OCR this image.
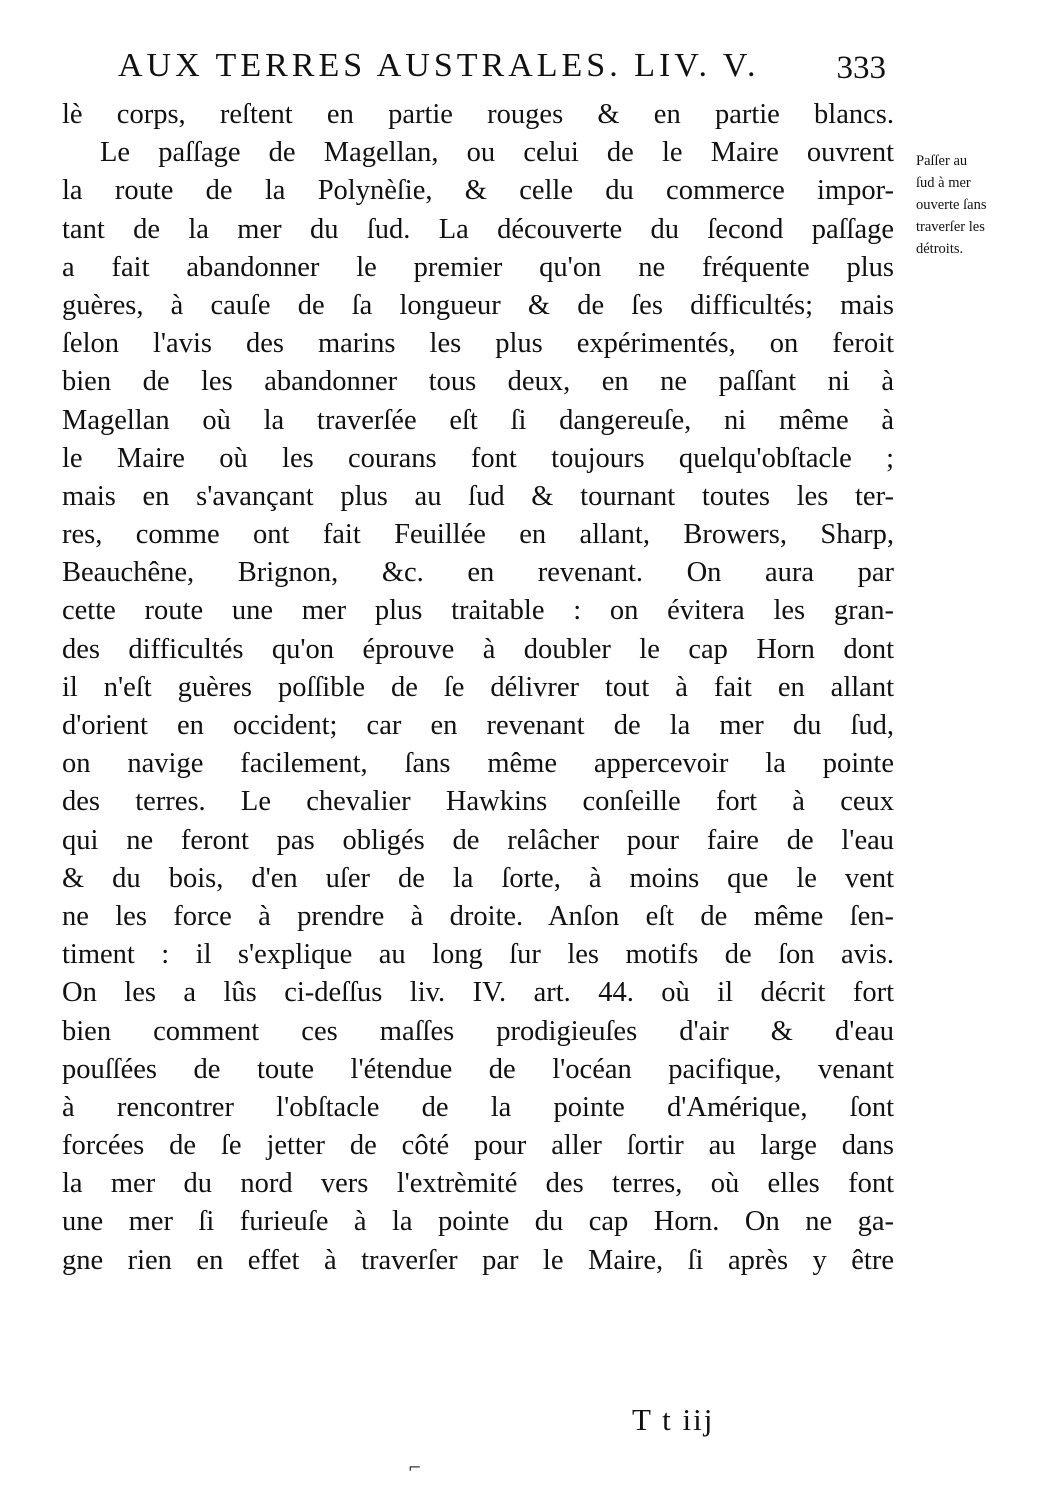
AUX TERRES AUSTRALES. LIV. V. 333
lè corps, reſtent en partie rouges & en partie blancs.
Le paſſage de Magellan, ou celui de le Maire ouvrent
la route de la Polynèſie, & celle du commerce impor-
tant de la mer du ſud. La découverte du ſecond paſſage
a fait abandonner le premier qu'on ne fréquente plus
guères, à cauſe de ſa longueur & de ſes difficultés; mais
ſelon l'avis des marins les plus expérimentés, on feroit
bien de les abandonner tous deux, en ne paſſant ni à
Magellan où la traverſée eſt ſi dangereuſe, ni même à
le Maire où les courans font toujours quelqu'obſtacle ;
mais en s'avançant plus au ſud & tournant toutes les ter-
res, comme ont fait Feuillée en allant, Browers, Sharp,
Beauchêne, Brignon, &c. en revenant. On aura par
cette route une mer plus traitable : on évitera les gran-
des difficultés qu'on éprouve à doubler le cap Horn dont
il n'eſt guères poſſible de ſe délivrer tout à fait en allant
d'orient en occident; car en revenant de la mer du ſud,
on navige facilement, ſans même appercevoir la pointe
des terres. Le chevalier Hawkins conſeille fort à ceux
qui ne feront pas obligés de relâcher pour faire de l'eau
& du bois, d'en uſer de la ſorte, à moins que le vent
ne les force à prendre à droite. Anſon eſt de même ſen-
timent : il s'explique au long ſur les motifs de ſon avis.
On les a lûs ci-deſſus liv. IV. art. 44. où il décrit fort
bien comment ces maſſes prodigieuſes d'air & d'eau
pouſſées de toute l'étendue de l'océan pacifique, venant
à rencontrer l'obſtacle de la pointe d'Amérique, ſont
forcées de ſe jetter de côté pour aller ſortir au large dans
la mer du nord vers l'extrèmité des terres, où elles font
une mer ſi furieuſe à la pointe du cap Horn. On ne ga-
gne rien en effet à traverſer par le Maire, ſi après y être
Paſſer au
ſud à mer
ouverte ſans
traverſer les
détroits.
T t iij
⌐
